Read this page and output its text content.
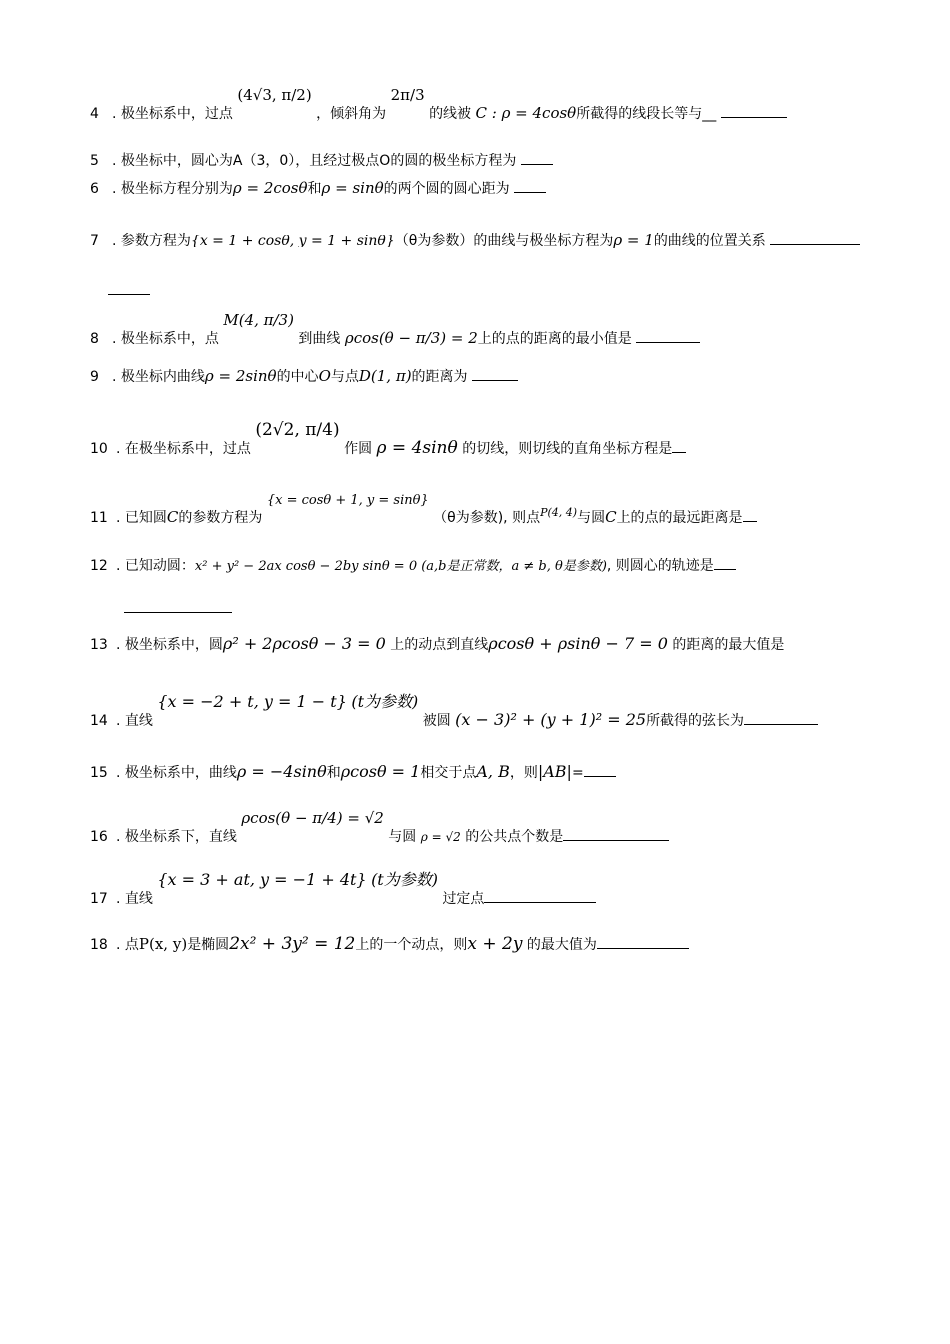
4 . 极坐标系中，过点 (4√3, π/2) ，倾斜角为 2π/3 的线被 C : ρ = 4cosθ所截得的线段长等与__
5 . 极坐标中，圆心为A（3，0），且经过极点O的圆的极坐标方程为
6 . 极坐标方程分别为ρ = 2cosθ和ρ = sinθ的两个圆的圆心距为
7 . 参数方程为{x = 1 + cosθ, y = 1 + sinθ}（θ为参数）的曲线与极坐标方程为ρ = 1的曲线的位置关系
8 . 极坐标系中，点 M(4, π/3) 到曲线 ρcos(θ − π/3) = 2上的点的距离的最小值是
9 . 极坐标内曲线ρ = 2sinθ的中心O与点D(1, π)的距离为
10 . 在极坐标系中，过点 (2√2, π/4) 作圆 ρ = 4sinθ 的切线，则切线的直角坐标方程是
11 . 已知圆C的参数方程为 {x = cosθ + 1, y = sinθ} （θ为参数), 则点$^{P(4, 4)}$与圆C上的点的最远距离是
12 . 已知动圆：x² + y² − 2ax cosθ − 2by sinθ = 0 (a,b是正常数，a ≠ b, θ是参数), 则圆心的轨迹是
13 . 极坐标系中，圆ρ² + 2ρcosθ − 3 = 0 上的动点到直线ρcosθ + ρsinθ − 7 = 0 的距离的最大值是
14 . 直线 {x = −2 + t, y = 1 − t} (t为参数) 被圆 (x − 3)² + (y + 1)² = 25所截得的弦长为
15 . 极坐标系中，曲线ρ = −4sinθ和ρcosθ = 1相交于点A, B，则|AB|=
16 . 极坐标系下，直线 ρcos(θ − π/4) = √2 与圆 ρ = √2 的公共点个数是
17 . 直线 {x = 3 + at, y = −1 + 4t} (t为参数) 过定点
18 . 点P(x, y)是椭圆2x² + 3y² = 12上的一个动点，则x + 2y 的最大值为
